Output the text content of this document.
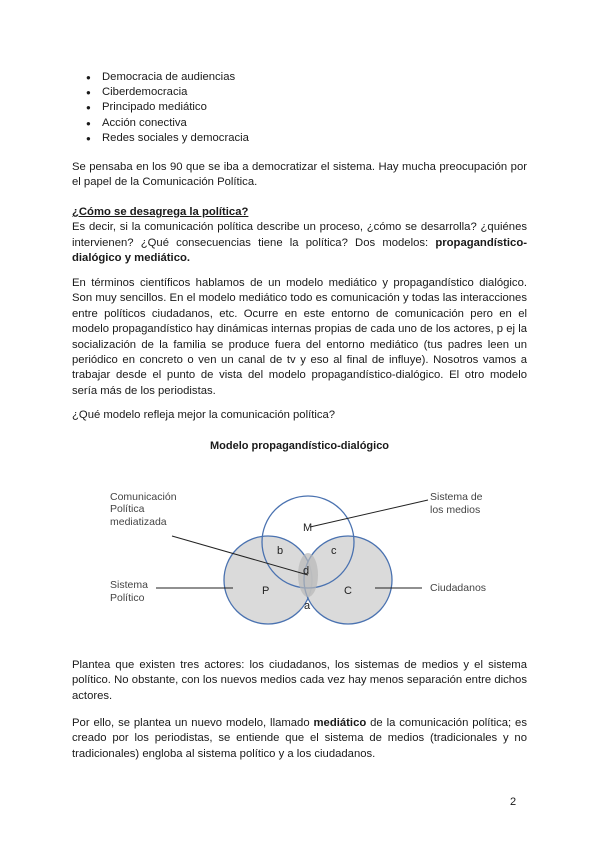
● Democracia de audiencias
● Ciberdemocracia
● Principado mediático
● Acción conectiva
● Redes sociales y democracia

Se pensaba en los 90 que se iba a democratizar el sistema. Hay mucha preocupación por el papel de la Comunicación Política.

¿Cómo se desagrega la política?
Es decir, si la comunicación política describe un proceso, ¿cómo se desarrolla? ¿quiénes intervienen? ¿Qué consecuencias tiene la política? Dos modelos: propagandístico-dialógico y mediático.

En términos científicos hablamos de un modelo mediático y propagandístico dialógico. Son muy sencillos. En el modelo mediático todo es comunicación y todas las interacciones entre políticos ciudadanos, etc. Ocurre en este entorno de comunicación pero en el modelo propagandístico hay dinámicas internas propias de cada uno de los actores, p ej la socialización de la familia se produce fuera del entorno mediático (tus padres leen un periódico en concreto o ven un canal de tv y eso al final de influye). Nosotros vamos a trabajar desde el punto de vista del modelo propagandístico-dialógico. El otro modelo sería más de los periodistas.

¿Qué modelo refleja mejor la comunicación política?

Modelo propagandístico-dialógico
Comunicación
Política
mediatizada
Sistema de
los medios
Sistema
Político
Ciudadanos
M
b	c
d
P	C
a

Plantea que existen tres actores: los ciudadanos, los sistemas de medios y el sistema político. No obstante, con los nuevos medios cada vez hay menos separación entre dichos actores.

Por ello, se plantea un nuevo modelo, llamado mediático de la comunicación política; es creado por los periodistas, se entiende que el sistema de medios (tradicionales y no tradicionales) engloba al sistema político y a los ciudadanos.

2
